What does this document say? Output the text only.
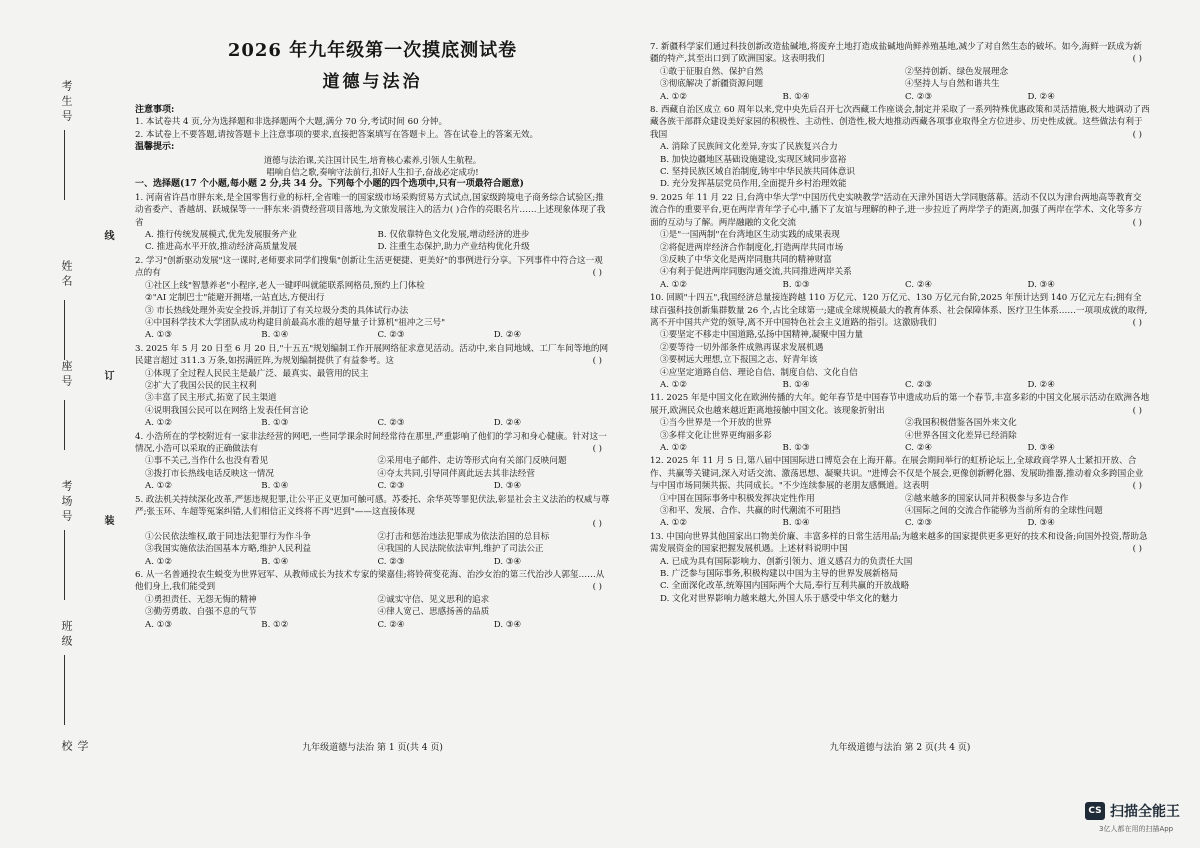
考生号
姓名
座号
考场号
班级
学校
线
订
装
2026 年九年级第一次摸底测试卷
道德与法治

注意事项:

1. 本试卷共 4 页,分为选择题和非选择题两个大题,满分 70 分,考试时间 60 分钟。

2. 本试卷上不要答题,请按答题卡上注意事项的要求,直接把答案填写在答题卡上。答在试卷上的答案无效。

温馨提示:

道德与法治课,关注国计民生,培育核心素养,引领人生航程。

唱响自信之歌,奏响守法前行,扣好人生扣子,奋战必定成功!

一、选择题(17 个小题,每小题 2 分,共 34 分。下列每个小题的四个选项中,只有一项最符合题意)

1. 河南省许昌市胖东来,是全国零售行业的标杆,全省唯一的国家级市场采购贸易方式试点,国家级跨境电子商务综合试验区;推动省委产、香越胡、跃城保等一一胖东来·消费经营项目落地,为文旅发展注入的活力( )合作的亮眼名片……上述现象体现了我省

A. 推行传统发展模式,优先发展服务产业	B. 仅依靠特色文化发展,增动经济的进步
C. 推进高水平开放,推动经济高质量发展	D. 注重生态保护,助力产业结构优化升级

2. 学习"创新驱动发展"这一课时,老师要求同学们搜集"创新让生活更便捷、更美好"的事例进行分享。下列事件中符合这一观点的有	( )

①社区上线"智慧养老"小程序,老人一键呼叫就能联系网格员,预约上门体检

②"AI 定制巴士"能避开拥堵,一站直达,方便出行

③ 市长热线处理外卖安全投诉,并制订了有关垃圾分类的具体试行办法

④中国科学技术大学团队成功构建目前最高水准的超导量子计算机"祖冲之三号"

A. ①③	B. ①④	C. ②③	D. ②④

3. 2025 年 5 月 20 日至 6 月 20 日,"十五五"规划编制工作开展网络征求意见活动。活动中,来自同地域、工厂车间等地的网民建言超过 311.3 万条,如拐满匠阵,为规划编制提供了有益参考。这	( )

①体现了全过程人民民主是最广泛、最真实、最管用的民主

②扩大了我国公民的民主权利

③丰富了民主形式,拓宽了民主渠道

④说明我国公民可以在网络上发表任何言论

A. ①②	B. ①③	C. ②③	D. ②④

4. 小浩所在的学校附近有一家非法经营的网吧,一些同学课余时间经常待在那里,严重影响了他们的学习和身心健康。针对这一情况,小浩可以采取的正确做法有	( )

①事不关己,当作什么也没有看见	②采用电子邮件、走访等形式向有关部门反映问题
③拨打市长热线电话反映这一情况	④夺太共同,引导同伴离此远去其非法经营
A. ①②	B. ①④	C. ②③	D. ③④

5. 政法机关持续深化改革,严惩违规犯罪,让公平正义更加可触可感。苏委托、余华英等罪犯伏法,彰显社会主义法治的权威与尊严;张玉环、车超等冤案纠错,人们相信正义终将不再"迟到"——这直接体现

( )

①公民依法维权,敢于同违法犯罪行为作斗争	②打击和惩治违法犯罪成为依法治国的总目标
③我国实施依法治国基本方略,维护人民利益	④我国的人民法院依法审判,维护了司法公正
A. ①②	B. ①④	C. ②③	D. ③④

6. 从一名普通投农生蜕变为世界冠军、从教师成长为技术专家的梁嘉佳;将铃荷变花海、治沙女治的第三代治沙人郭玺……从他们身上,我们能受到	( )

①勇担责任、无怨无悔的精神	②诚实守信、见义思利的追求
③勤劳勇敢、自强不息的气节	④律人宽己、思感扬善的品质
A. ①③	B. ①②	C. ②④	D. ③④
九年级道德与法治 第 1 页(共 4 页)

7. 新疆科学家们通过科技创新改造盐碱地,将废弃土地打造成盐碱地尚鲜养殖基地,减少了对自然生态的破坏。如今,海鲜一跃成为新疆的特产,其至出口到了欧洲国家。这表明我们	( )

①敢于征服自然、保护自然	②坚持创新、绿色发展理念
③彻底解决了新疆资源问题	④坚持人与自然和谐共生
A. ①②	B. ①④	C. ②③	D. ②④

8. 西藏自治区成立 60 周年以来,党中央先后召开七次西藏工作座谈会,制定并采取了一系列特殊优惠政策和灵活措施,极大地调动了西藏各族干部群众建设美好家园的积极性、主动性、创造性,极大地推动西藏各项事业取得全方位进步、历史性成就。这些做法有利于我国	( )

A. 消除了民族间文化差异,夯实了民族复兴合力

B. 加快边疆地区基础设施建设,实现区域同步富裕

C. 坚持民族区域自治制度,铸牢中华民族共同体意识

D. 充分发挥基层党员作用,全面提升乡村治理效能

9. 2025 年 11 月 22 日,台湾中华大学"中国历代史实映教学"活动在天津外国语大学同胞落幕。活动不仅以为津台两地高等教育交流合作的重要平台,更在两岸青年学子心中,播下了友谊与理解的种子,进一步拉近了两岸学子的距离,加强了两岸在学术、文化等多方面的互动与了解。两岸融融的文化交流	( )

①是"一国两制"在台湾地区生动实践的成果表现

②将促进两岸经济合作制度化,打造两岸共同市场

③反映了中华文化是两岸同胞共同的精神财富

④有利于促进两岸同胞沟通交流,共同推进两岸关系

A. ①②	B. ①③	C. ②④	D. ③④

10. 回顾"十四五",我国经济总量接连跨越 110 万亿元、120 万亿元、130 万亿元台阶,2025 年预计达到 140 万亿元左右;拥有全球百强科技创新集群数量 26 个,占比全球第一;建成全球规模最大的教育体系、社会保障体系、医疗卫生体系……一项项成就的取得,离不开中国共产党的领导,离不开中国特色社会主义道路的指引。这激励我们	( )

①要坚定不移走中国道路,弘扬中国精神,凝聚中国力量

②要等待一切外部条件成熟再谋求发展机遇

③要树远大理想,立下报国之志、好青年该

④应坚定道路自信、理论自信、制度自信、文化自信

A. ①②	B. ①④	C. ②③	D. ②④

11. 2025 年是中国文化在欧洲传播的大年。蛇年春节是中国春节申遗成功后的第一个春节,丰富多彩的中国文化展示活动在欧洲各地展开,欧洲民众也越来越近距离地接触中国文化。该现象折射出	( )

①当今世界是一个开放的世界	②我国积极借鉴各国外来文化
③多样文化让世界更绚丽多彩	④世界各国文化差异已经消除
A. ①②	B. ①③	C. ②④	D. ③④

12. 2025 年 11 月 5 日,第八届中国国际进口博览会在上海开幕。在展会期间举行的虹桥论坛上,全球政商学界人士紧扣开放、合作、共赢等关键词,深入对话交流、激荡思想、凝聚共识。"进博会不仅是个展会,更像创新孵化器、发展助推器,推动着众多跨国企业与中国市场同频共振、共同成长。"不少连续参展的老朋友感慨道。这表明	( )

①中国在国际事务中积极发挥决定性作用	②越来越多的国家认同并积极参与多边合作
③和平、发展、合作、共赢的时代潮流不可阻挡	④国际之间的交流合作能够为当前所有的全球性问题
A. ①②	B. ①④	C. ②③	D. ③④

13. 中国向世界其他国家出口物美价廉、丰富多样的日常生活用品;为越来越多的国家提供更多更好的技术和设备;向国外投资,帮助急需发展资金的国家把握发展机遇。上述材料说明中国	( )

A. 已成为具有国际影响力、创新引领力、道义感召力的负责任大国

B. 广泛参与国际事务,积极构建以中国为主导的世界发展新格局

C. 全面深化改革,统筹国内国际两个大局,奉行互利共赢的开放战略

D. 文化对世界影响力越来越大,外国人乐于感受中华文化的魅力

九年级道德与法治 第 2 页(共 4 页)
CS 扫描全能王
3亿人都在用的扫描App
